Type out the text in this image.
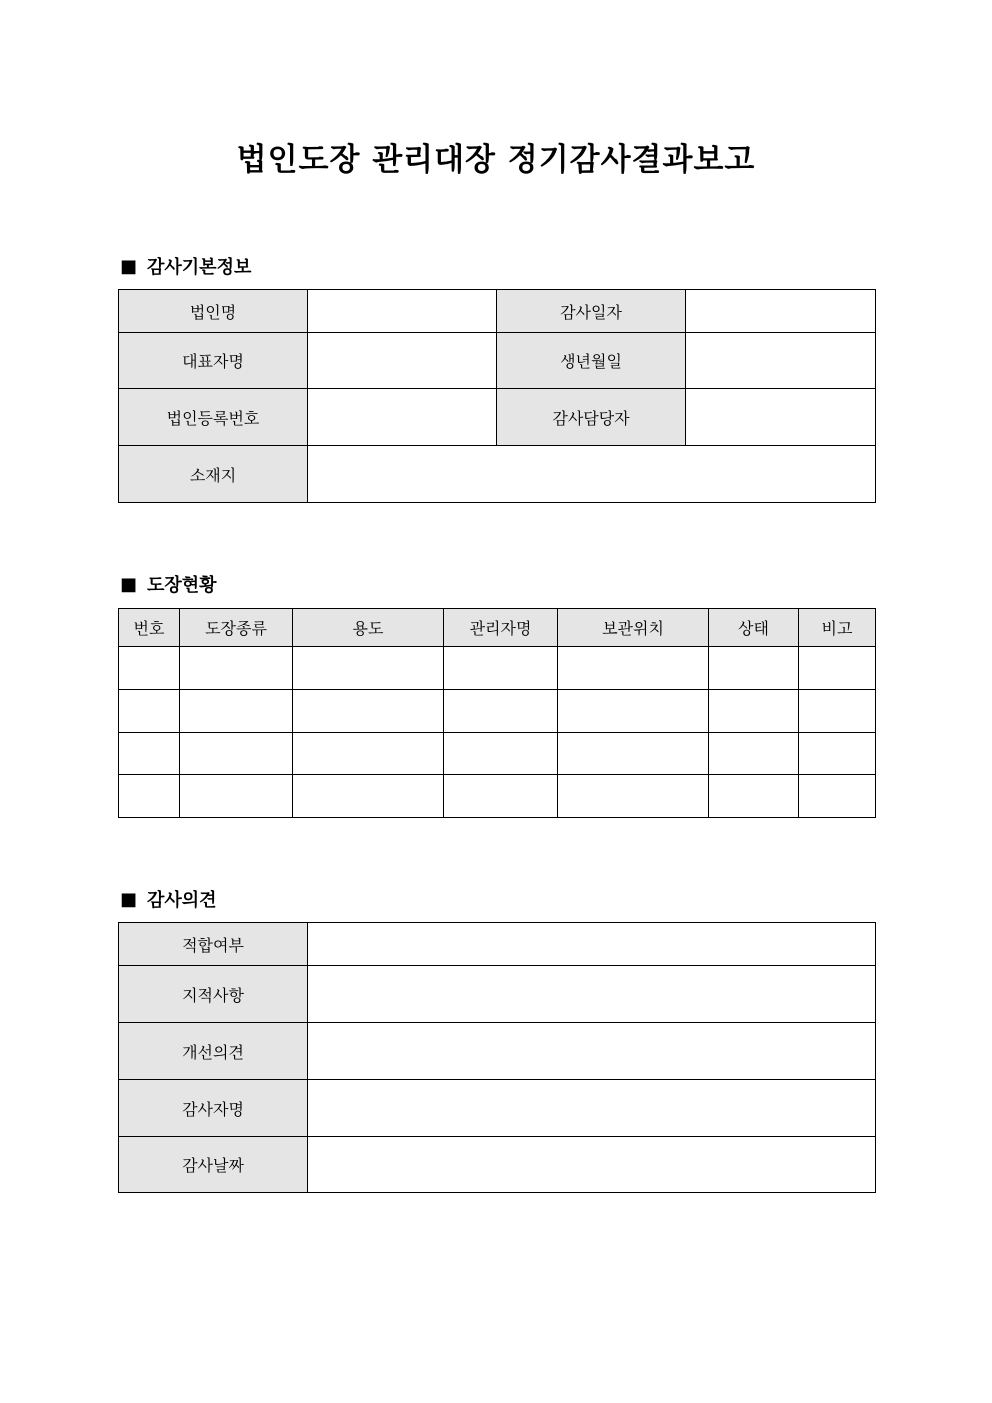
법인도장 관리대장 정기감사결과보고
■ 감사기본정보
법인명		감사일자	
대표자명		생년월일	
법인등록번호		감사담당자	
소재지			
■ 도장현황
번호	도장종류	용도	관리자명	보관위치	상태	비고

■ 감사의견
적합여부	
지적사항	
개선의견	
감사자명	
감사날짜	
